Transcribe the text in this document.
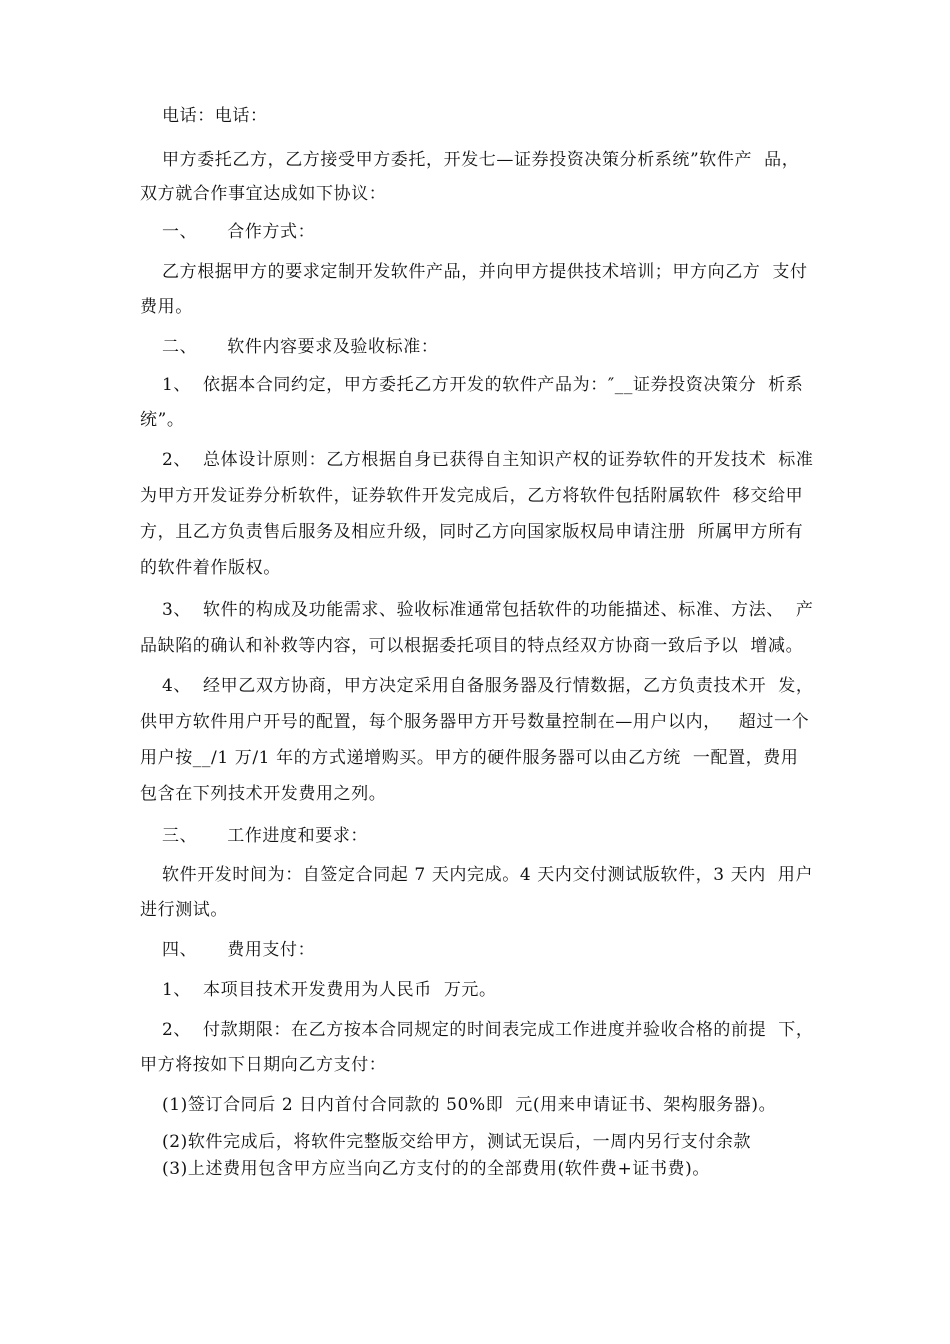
电话：电话：
甲方委托乙方，乙方接受甲方委托，开发七—证券投资决策分析系统”软件产  品，
双方就合作事宜达成如下协议：
一、     合作方式：
乙方根据甲方的要求定制开发软件产品，并向甲方提供技术培训；甲方向乙方  支付
费用。
二、     软件内容要求及验收标准：
1、  依据本合同约定，甲方委托乙方开发的软件产品为：″__证券投资决策分  析系
统”。
2、  总体设计原则：乙方根据自身已获得自主知识产权的证券软件的开发技术  标准
为甲方开发证券分析软件，证券软件开发完成后，乙方将软件包括附属软件  移交给甲
方，且乙方负责售后服务及相应升级，同时乙方向国家版权局申请注册  所属甲方所有
的软件着作版权。
3、  软件的构成及功能需求、验收标准通常包括软件的功能描述、标准、方法、  产
品缺陷的确认和补救等内容，可以根据委托项目的特点经双方协商一致后予以  增减。
4、  经甲乙双方协商，甲方决定采用自备服务器及行情数据，乙方负责技术开  发，
供甲方软件用户开号的配置，每个服务器甲方开号数量控制在—用户以内，   超过一个
用户按__/1 万/1 年的方式递增购买。甲方的硬件服务器可以由乙方统  一配置，费用
包含在下列技术开发费用之列。
三、     工作进度和要求：
软件开发时间为：自签定合同起 7 天内完成。4 天内交付测试版软件，3 天内  用户
进行测试。
四、     费用支付：
1、  本项目技术开发费用为人民币  万元。
2、  付款期限：在乙方按本合同规定的时间表完成工作进度并验收合格的前提  下，
甲方将按如下日期向乙方支付：
(1)签订合同后 2 日内首付合同款的 50%即  元(用来申请证书、架构服务器)。
(2)软件完成后，将软件完整版交给甲方，测试无误后，一周内另行支付余款
(3)上述费用包含甲方应当向乙方支付的的全部费用(软件费+证书费)。
